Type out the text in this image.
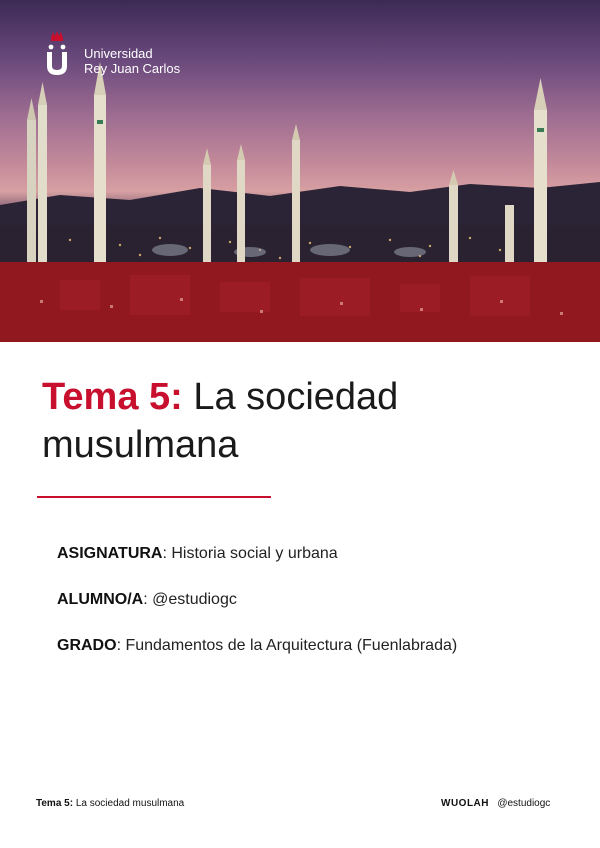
Universidad
Rey Juan Carlos
Tema 5: La sociedad musulmana
ASIGNATURA: Historia social y urbana
ALUMNO/A: @estudiogc
GRADO: Fundamentos de la Arquitectura (Fuenlabrada)
Tema 5: La sociedad musulmana	WUOLAH @estudiogc
